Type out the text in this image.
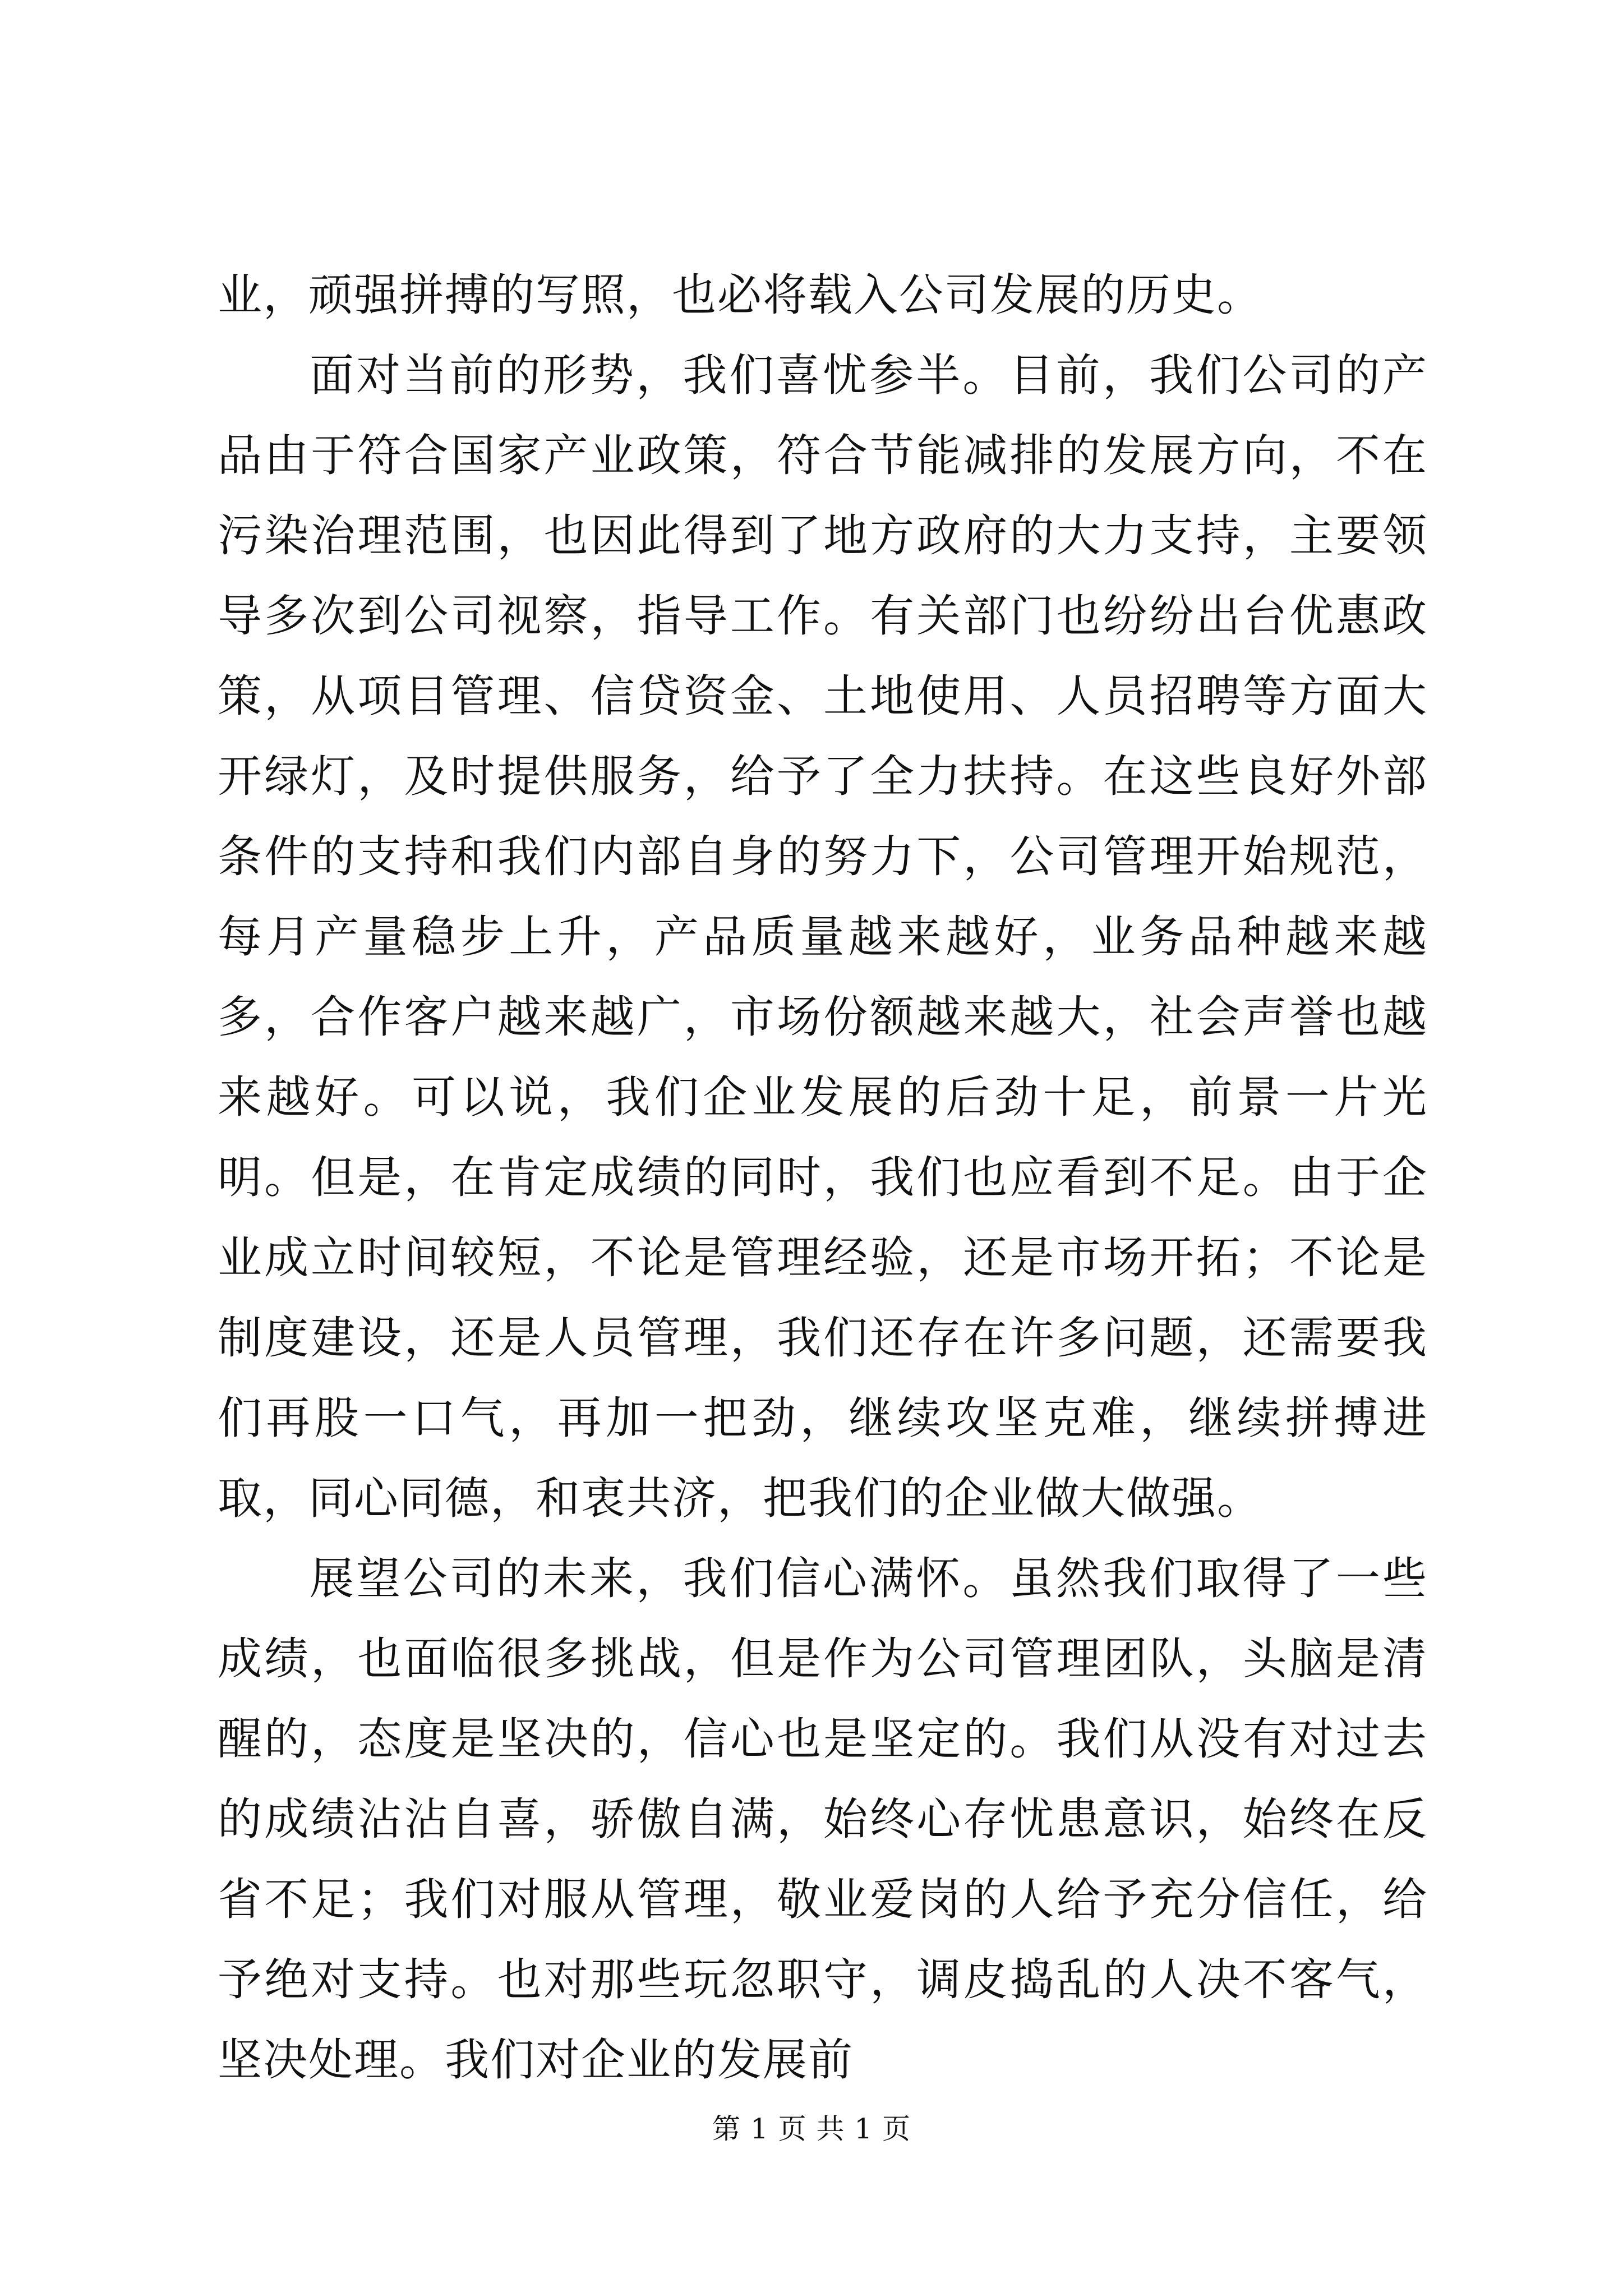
业，顽强拼搏的写照，也必将载入公司发展的历史。

面对当前的形势，我们喜忧参半。目前，我们公司的产品由于符合国家产业政策，符合节能减排的发展方向，不在污染治理范围，也因此得到了地方政府的大力支持，主要领导多次到公司视察，指导工作。有关部门也纷纷出台优惠政策，从项目管理、信贷资金、土地使用、人员招聘等方面大开绿灯，及时提供服务，给予了全力扶持。在这些良好外部条件的支持和我们内部自身的努力下，公司管理开始规范，每月产量稳步上升，产品质量越来越好，业务品种越来越多，合作客户越来越广，市场份额越来越大，社会声誉也越来越好。可以说，我们企业发展的后劲十足，前景一片光明。但是，在肯定成绩的同时，我们也应看到不足。由于企业成立时间较短，不论是管理经验，还是市场开拓；不论是制度建设，还是人员管理，我们还存在许多问题，还需要我们再股一口气，再加一把劲，继续攻坚克难，继续拼搏进取，同心同德，和衷共济，把我们的企业做大做强。

展望公司的未来，我们信心满怀。虽然我们取得了一些成绩，也面临很多挑战，但是作为公司管理团队，头脑是清醒的，态度是坚决的，信心也是坚定的。我们从没有对过去的成绩沾沾自喜，骄傲自满，始终心存忧患意识，始终在反省不足；我们对服从管理，敬业爱岗的人给予充分信任，给予绝对支持。也对那些玩忽职守，调皮捣乱的人决不客气，坚决处理。我们对企业的发展前

第 1 页 共 1 页
